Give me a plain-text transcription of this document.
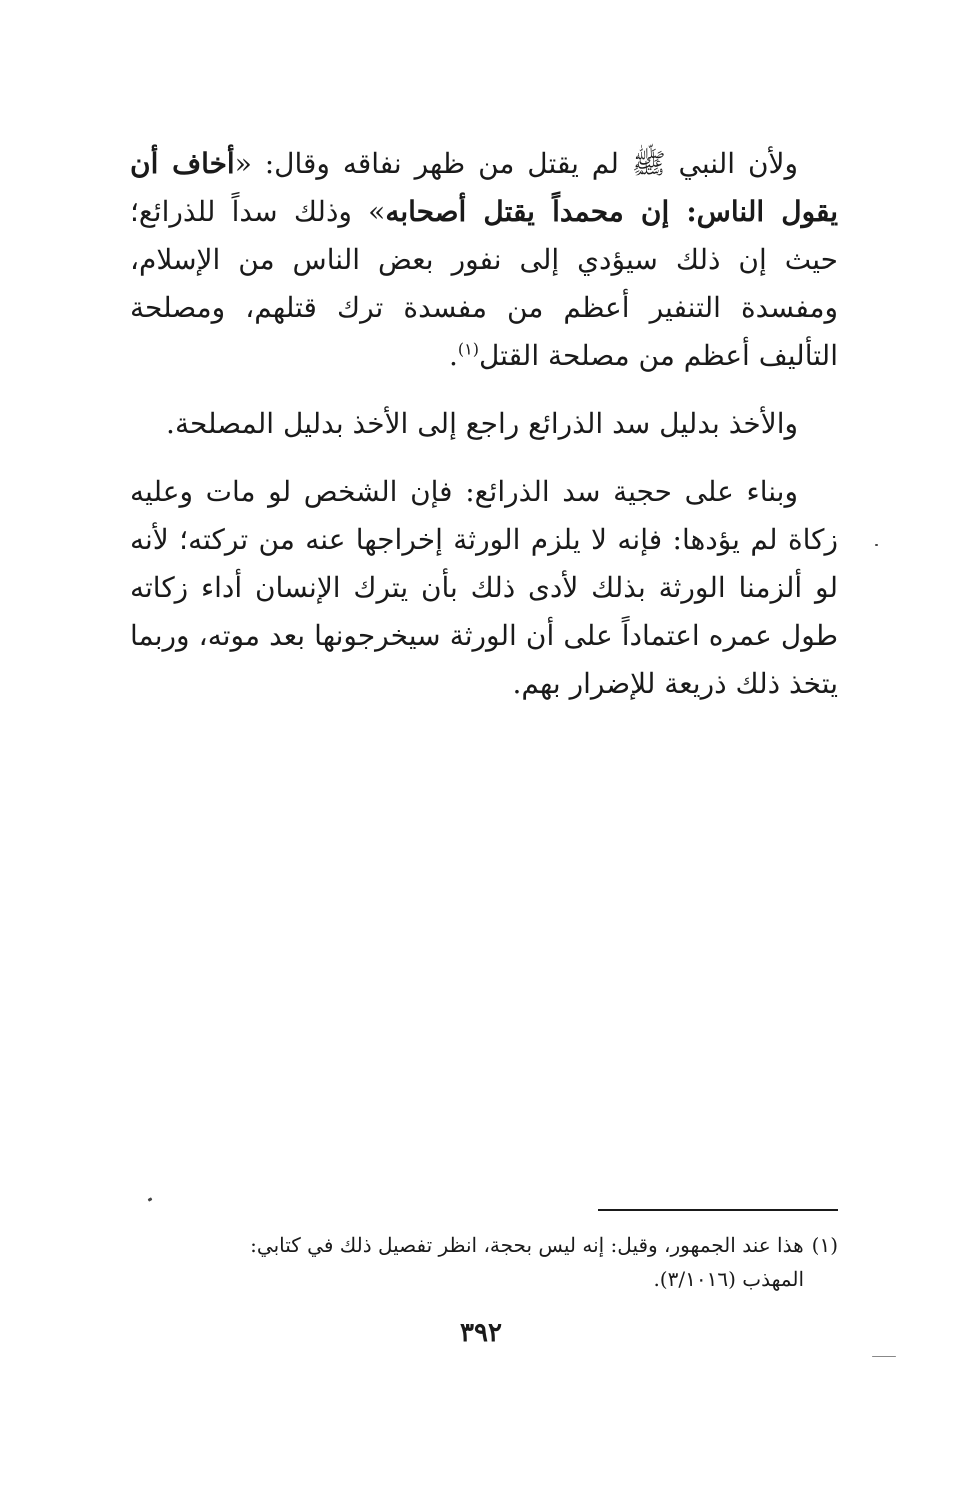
ولأن النبي ﷺ لم يقتل من ظهر نفاقه وقال: «أخاف أن يقول الناس: إن محمداً يقتل أصحابه» وذلك سداً للذرائع؛ حيث إن ذلك سيؤدي إلى نفور بعض الناس من الإسلام، ومفسدة التنفير أعظم من مفسدة ترك قتلهم، ومصلحة التأليف أعظم من مصلحة القتل$^{(١)}$.

والأخذ بدليل سد الذرائع راجع إلى الأخذ بدليل المصلحة.

وبناء على حجية سد الذرائع: فإن الشخص لو مات وعليه زكاة لم يؤدها: فإنه لا يلزم الورثة إخراجها عنه من تركته؛ لأنه لو ألزمنا الورثة بذلك لأدى ذلك بأن يترك الإنسان أداء زكاته طول عمره اعتماداً على أن الورثة سيخرجونها بعد موته، وربما يتخذ ذلك ذريعة للإضرار بهم.

(١)هذا عند الجمهور، وقيل: إنه ليس بحجة، انظر تفصيل ذلك في كتابي:
المهذب (٣/١٠١٦).
٣٩٢
